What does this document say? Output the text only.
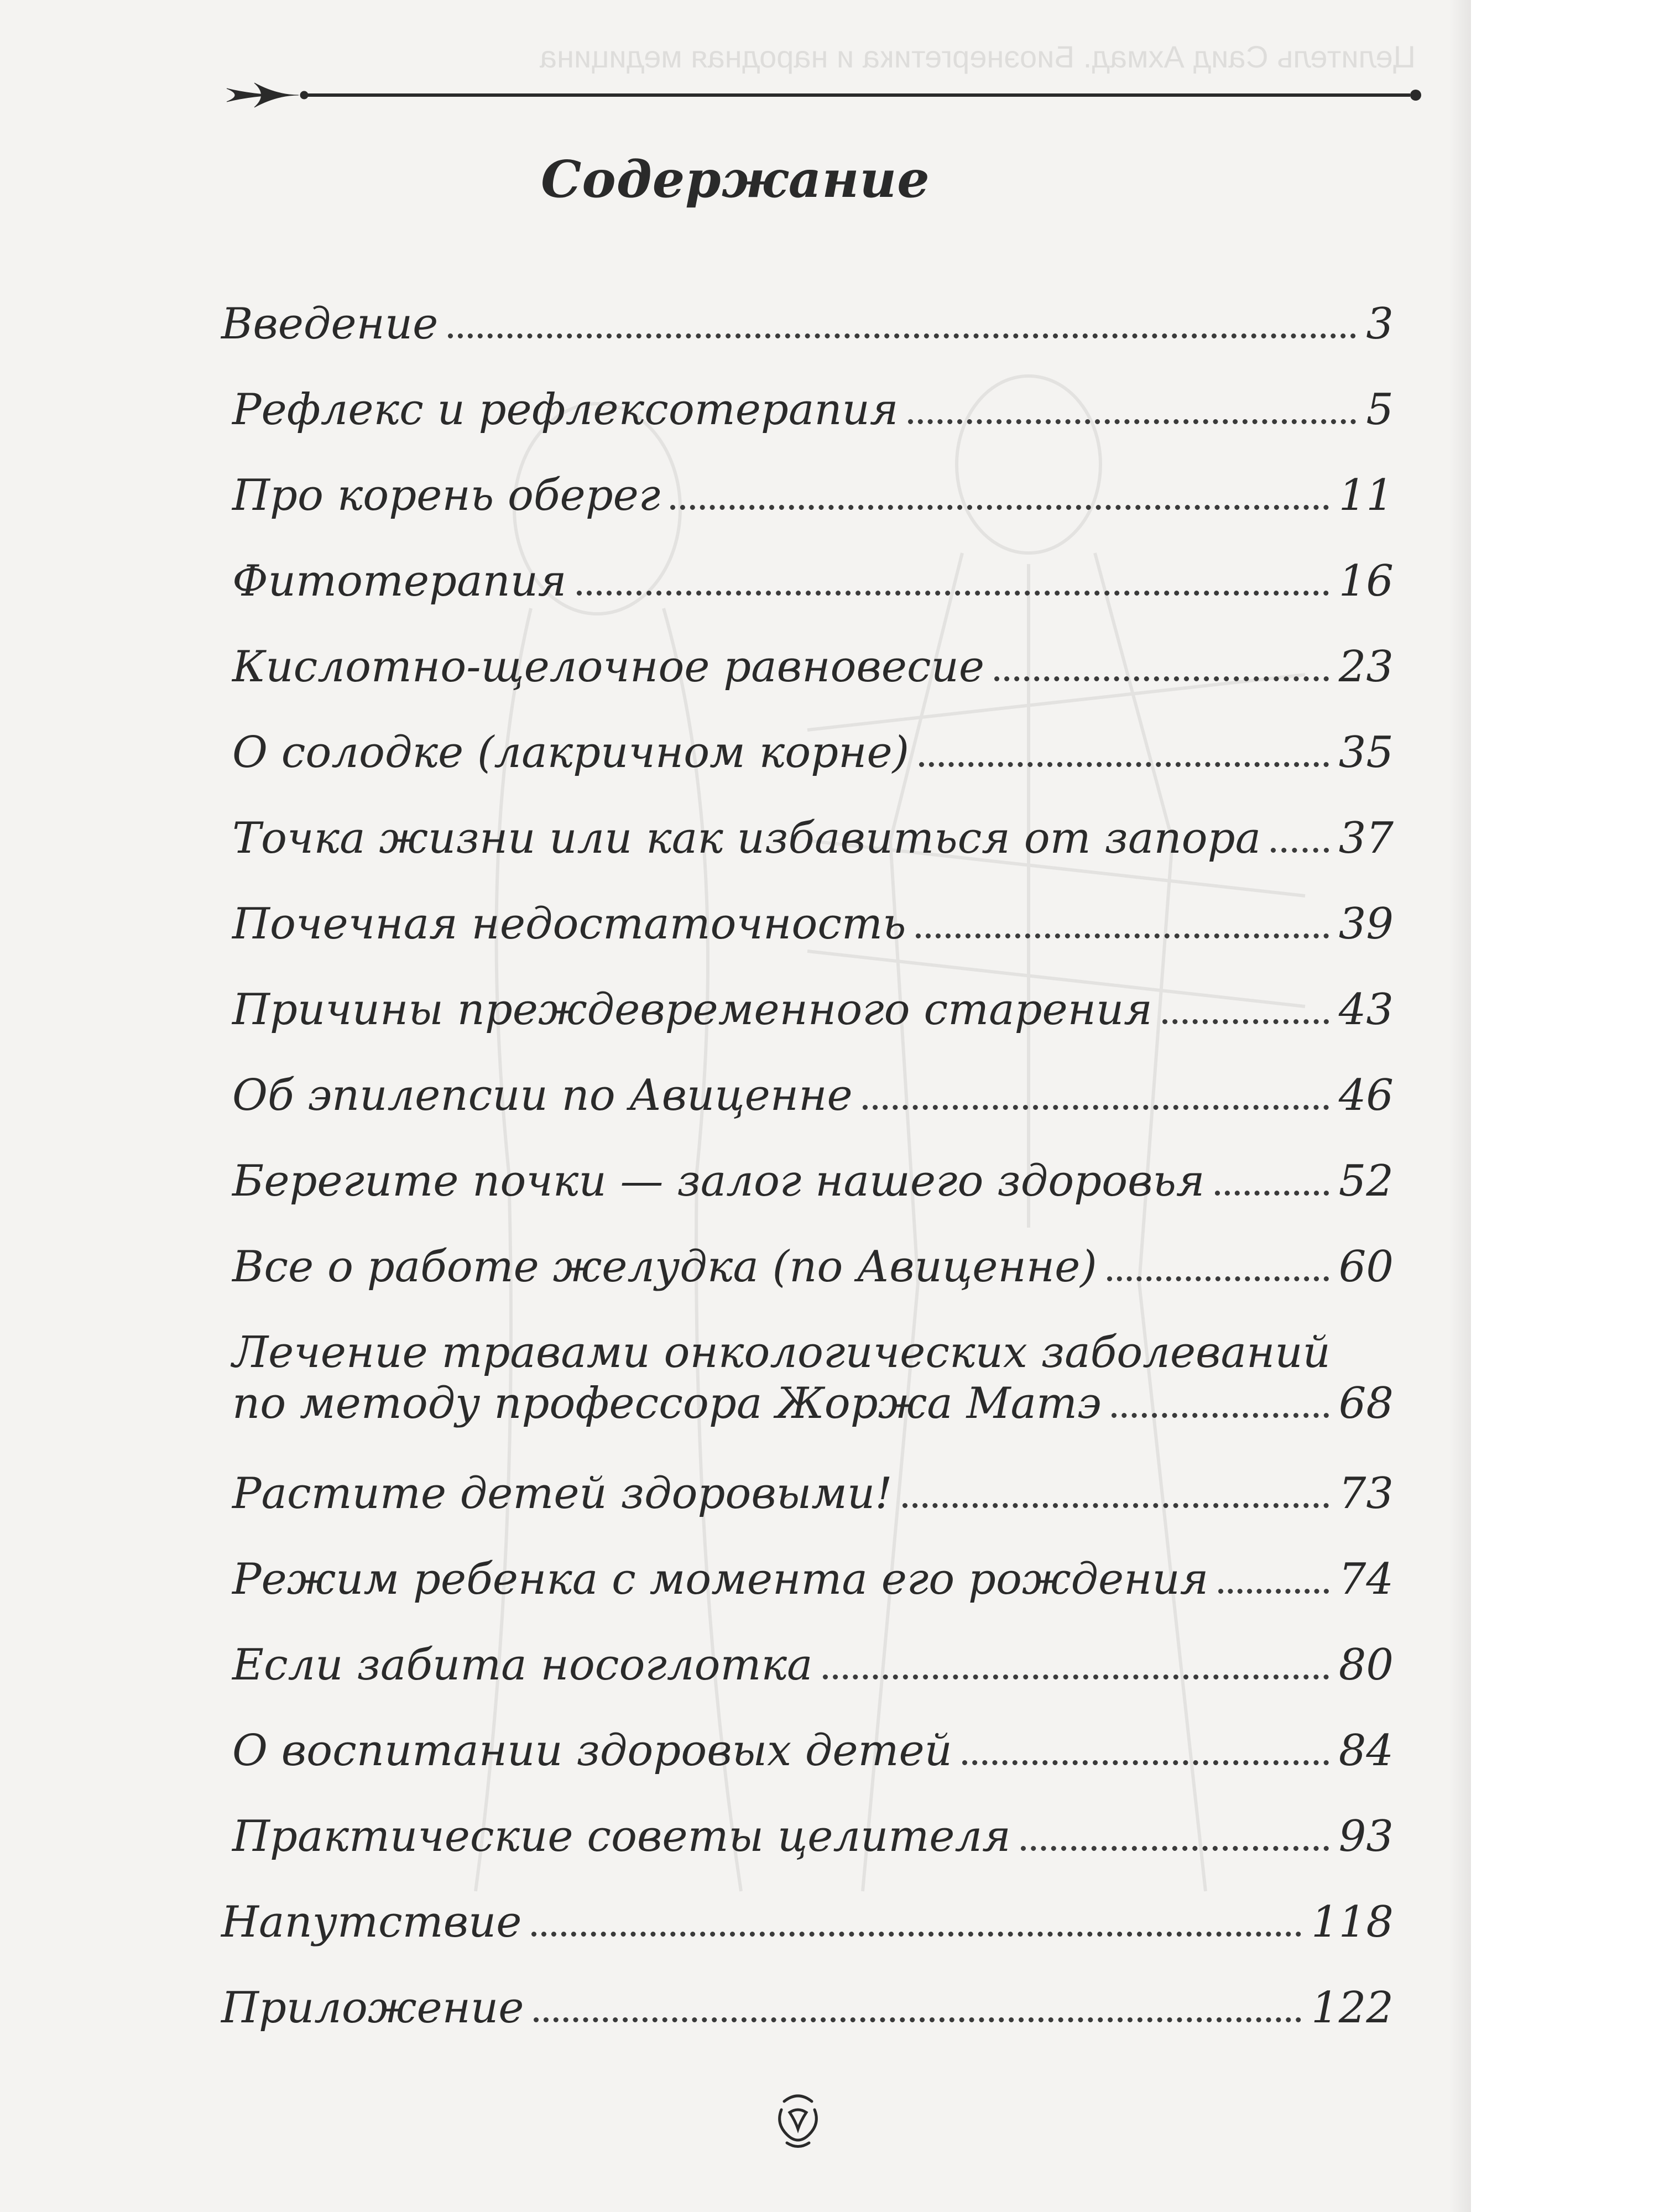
Целитель Саид Ахмад. Биоэнергетика и народная медицина
Содержание
Введение	3
Рефлекс и рефлексотерапия	5
Про корень оберег	11
Фитотерапия	16
Кислотно-щелочное равновесие	23
О солодке (лакричном корне)	35
Точка жизни или как избавиться от запора 37
Почечная недостаточность	39
Причины преждевременного старения	43
Об эпилепсии по Авиценне	46
Берегите почки — залог нашего здоровья	52
Все о работе желудка (по Авиценне)	60
Лечение травами онкологических заболеваний
по методу профессора Жоржа Матэ	68
Растите детей здоровыми!	73
Режим ребенка с момента его рождения	74
Если забита носоглотка	80
О воспитании здоровых детей	84
Практические советы целителя	93
Напутствие	118
Приложение	122
